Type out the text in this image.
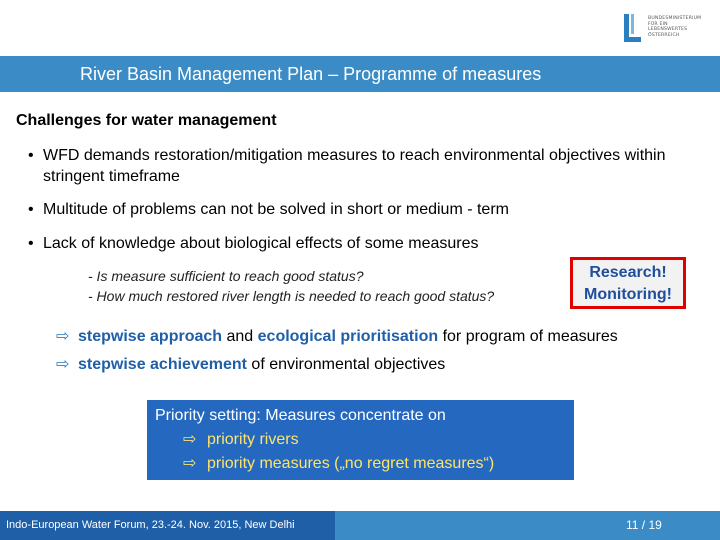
BUNDESMINISTERIUM
FÜR EIN
LEBENSWERTES
ÖSTERREICH
River Basin Management Plan – Programme of measures
Challenges for water management
• WFD demands restoration/mitigation measures to reach environmental objectives within stringent timeframe
• Multitude of problems can not be solved in short or medium - term
• Lack of knowledge about biological effects of some measures
- Is measure sufficient to reach good status?
- How much restored river length is needed to reach good status?
Research!
Monitoring!
⇨ stepwise approach and ecological prioritisation for program of measures
⇨ stepwise achievement of environmental objectives
Priority setting: Measures concentrate on
⇨ priority rivers
⇨ priority measures („no regret measures“)
Indo-European Water Forum, 23.-24. Nov. 2015, New Delhi	11 / 19
